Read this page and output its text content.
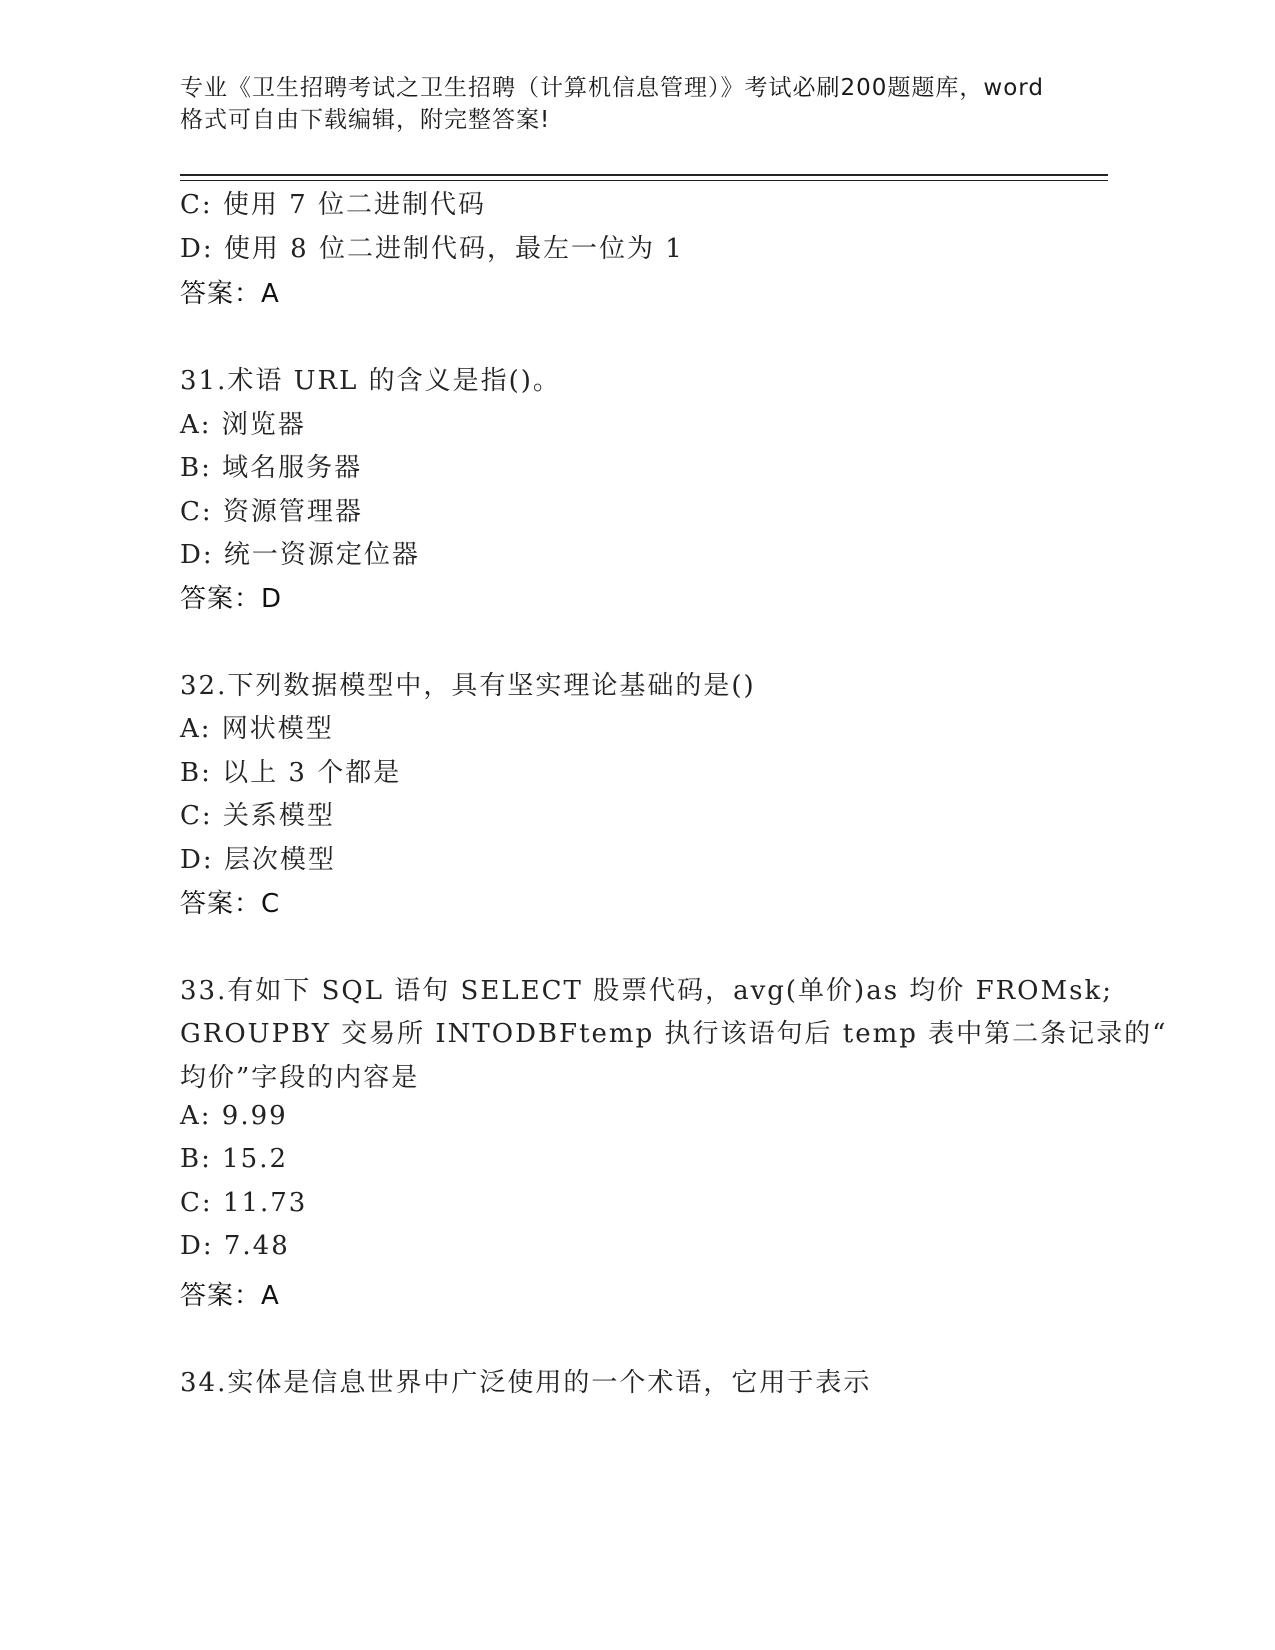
专业《卫生招聘考试之卫生招聘（计算机信息管理）》考试必刷200题题库，word
格式可自由下载编辑，附完整答案!
C: 使用 7 位二进制代码
D: 使用 8 位二进制代码，最左一位为 1
答案：A
31.术语 URL 的含义是指()。
A: 浏览器
B: 域名服务器
C: 资源管理器
D: 统一资源定位器
答案：D
32.下列数据模型中，具有坚实理论基础的是()
A: 网状模型
B: 以上 3 个都是
C: 关系模型
D: 层次模型
答案：C
33.有如下 SQL 语句 SELECT 股票代码，avg(单价)as 均价 FROMsk;
GROUPBY 交易所 INTODBFtemp 执行该语句后 temp 表中第二条记录的“
均价”字段的内容是
A: 9.99
B: 15.2
C: 11.73
D: 7.48
答案：A
34.实体是信息世界中广泛使用的一个术语，它用于表示
